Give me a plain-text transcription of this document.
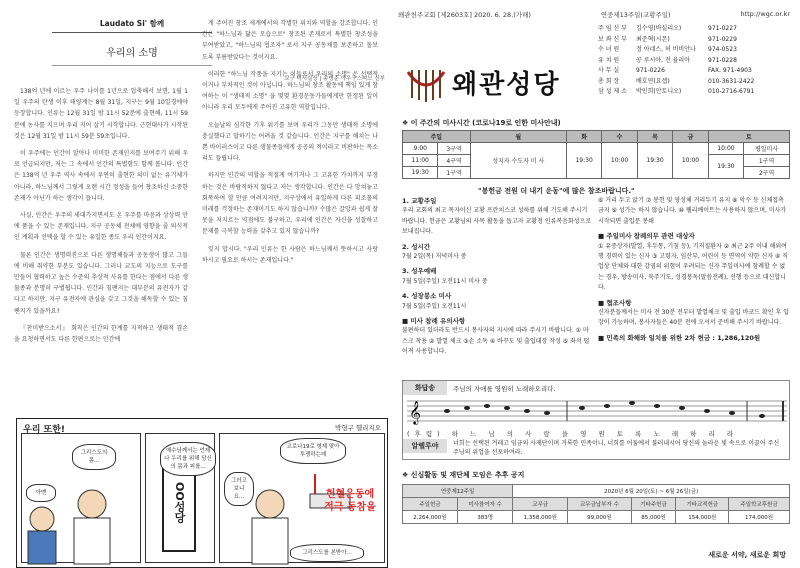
Laudato Si' 함께
우리의 소명
교구 비서실장 | 송병준 아우구스티노 신부

138억 년에 이르는 우주 나이를 1년으로 압축해서 보면, 1월 1일 우주의 탄생 이후 태양계는 8월 31일, 지구는 9월 10일경에야 등장합니다. 인류는 12월 31일 밤 11시 52분에 출현해, 11시 59분에 농사를 지으며 우리 지어 살기 시작합니다. 근현대사가 시작된 것은 12월 31일 밤 11시 59분 59초입니다.

이 우주에는 인간이 알아나 미미한 존재인지를 보여주기 위해 우로 언급되지만, 저는 그 속에서 인간의 특별함도 함께 봅니다. 인간은 138억 년 우주 역사 속에서 우연히 출현한 의미 없는 유기체가 아니라, 하느님께서 그렇게 오랜 시간 정성을 들여 창조하신 소중한 존재가 아닌가 하는 생각이 듭니다.

사실, 인간은 우주의 세대가지면서도 온 우주를 마음과 상상력 안에 품을 수 있는 존재입니다. 지구 공동체 전체에 영향을 줄 의식적인 계획과 선택을 할 수 있는 유일한 종도 우리 인간이지요.

물론 인간은 생명력진으로 다른 생명체들과 공동생이 많고 그들에 비해 취약한 부분도 있습니다. 그러나 교도의 지능으로 도구를 만들어 협력하고 높은 수준의 추상적 사유를 한다는 점에서 다른 생물종과 분명히 구별됩니다. 인간과 침팬지는 대부분의 유전자가 같다고 하지만, 지구 유전자에 관심을 갖고 그것을 해독할 수 있는 침팬지가 있을까요?

『찬미받으소서』 회칙은 인간의 한계를 지적하고 생태적 겸손을 요청하면서도 다른 한편으로는 인간에

게 주어진 창조 세계에서의 각별한 위치와 역할을 강조합니다. 인간은 "하느님과 닮은 모습으로" 창조된 존재로서 특별한 창조성을 부여받았고, "하느님의 협조자" 로서 지구 공동체를 보존하고 돌보도록 부름받았다는 것이지요.

이러한 "하느님 작품을 지키는 이들로서 우리의 소명" 은 선택적이거나 부차적인 것이 아닙니다. 하느님의 창조 활동에 책임 있게 참여하는 이 "생태적 소명" 을 몇몇 환경운동가들에게만 한정된 일이 아니라 우리 모두에게 주어진 고유한 역할입니다.

오늘날의 심각한 기후 위기를 보며 우리가 그동안 생태적 소명에 충실했다고 말하기는 어려울 것 같습니다. 인간은 지구를 해치는 나쁜 바이러스이고 다른 생물종들에게 공공의 적이라고 비판하는 목소리도 들립니다.

하지만 인간의 역할을 적절게 여기거나 그 고유한 가치까지 부정하는 것은 바람직하지 않다고 저는 생각합니다. 인간은 다 망쳐놓고 회복하여 할 만큼 여려지지만, 지구상에서 유일하게 다른 피조물의 미래를 걱정하는 존재이기도 하지 않습니까? 수많은 갈망과 쉽게 잘못을 저지르는 약점에도 불구하고, 우리에 인간은 자신을 성찰하고 문제를 극복할 능력을 갖추고 있지 않습니까?

잊지 맙시다. "우리 인류는 한 사람은 하느님께서 뜻하시고 사랑하시고 필요로 하시는 존재입니다."

우리 또한!	박형구 헬리지오
그리스도의 몸...
아멘	OO성당
예수님께서는 언제나 우리를 위해 당신의 몸과 피를...
그러고 보니 요...
코로나19로 형제 맞아 투쟁하는데
헌혈운동에 적극 동참을
그리스도를 본받아...
왜관천주교회 [제2603호] 2020. 6. 28.(가해)	연중제13주일(교황주일)	http://wgc.or.kr
왜관성당
주 임 신 부	김수영(바실리오)	971-0227
보 좌 신 부	최준혁(시몬)	971-0229
수 녀 원	정 아네스, 허 비비안나	974-0523
유 치 원	공 루시아, 전 율리아	971-0228
사 무 실	971-0226	FAX. 971-4903
총 회 장	배호연(요셉)	010-3631-2422
삼 성 제 소	박인희(안토니오)	010-2716-6791
❖ 이 주간의 미사시간 (코로나19로 인한 미사안내)
주일		월	화	수	목	금	토	
9:00	3구역	성지자 수도자 미 사	19:30	10:00	19:30	10:00	10:00	평일미사
11:00	4구역						19:30	1구역
19:30	1구역							2구역
"봉헌금 전원 더 내기 운동"에 많은 참조바랍니다."
1. 교황주일
우리 교회의 최고 목자이신 교황 프란치스코 성하를 위해 기도해 주시기 바랍니다. 헌금은 교황님의 사목 활동을 돕고자 교황청 인류복음화성으로 보내집니다.
2. 성시간
7월 2일(목) 저녁미사 중
3. 성우예배
7월 5일(주일) 오전11시 미사 중
4. 성장봉소 미사
7월 5일(주일) 오전11시
■ 미사 참례 유의사항
불편하더 있더라도 반드시 봉사자의 지시에 따라 주시기 바랍니다. ① 마스크 착용 ② 발열 체크 ③손 소독 ④ 바꾸도 및 출입대장 작성 ⑤ 좌석 떨어져 사용합니다.
⑥ 거리 두고 앉기 ⑦ 봉헌 및 영성체 거리두기 유지 ⑧ 악수 등 신체접촉 금지 ⑨ 성가는 하지 않습니다. ⑩ 웰리베이트는 사용하지 않으며, 미사가 시작되면 출입문 봉쇄
■ 주일미사 참례의무 관련 대상자
① 유증상자(발열, 후두통, 기침 등), 기저질환자 ② 최근 2주 이내 해외여행 경력이 있는 신자 ③ 고령자, 임산부, 어린이 등 면역이 약한 신자 ④ 직업상 단체와 대한 감염의 위험이 우려되는 신자 주일미사에 참례할 수 없는 경우, 방송미사, 묵주기도, 성경봉독(말씀전례), 선행 등으로 대신합니다.
■ 협조사항
신자분들께서는 미사 전 30분 전부터 발열체크 및 출입 바코드 확인 후 입장이 가능하며, 봉사자들은 40분 전에 오셔서 준비해 주시기 바랍니다.
■ 민족의 화해와 일치를 위한 2차 헌금 : 1,286,120원
화답송	주님의 자애를 영원히 노래하오리다.
𝄞
(후렴) 하 느 님 의 사 랑 을 영 원 토 록 노 래 하 리 라
알렐루야	너희는 선택된 겨레고 임금의 사제단이며 거룩한 민족이니, 너희를 어둠에서 불러내시어 당신의 놀라운 빛 속으로 이끌어 주신 주님의 위업을 선포하여라.
❖ 신심활동 및 재단체 모임은 추후 공지
연중제12주일		2020년 6월 20일(토) ~ 6월 26일(금)				
주일헌금	미사참여자 수	교무금	교무금납부자 수	기타주헌금	기타교적헌금	주일학교후원금
2,264,000원	383명	1,358,000원	99,000원	85,000원	154,000원	174,000원
새로운 서약, 새로운 희망
